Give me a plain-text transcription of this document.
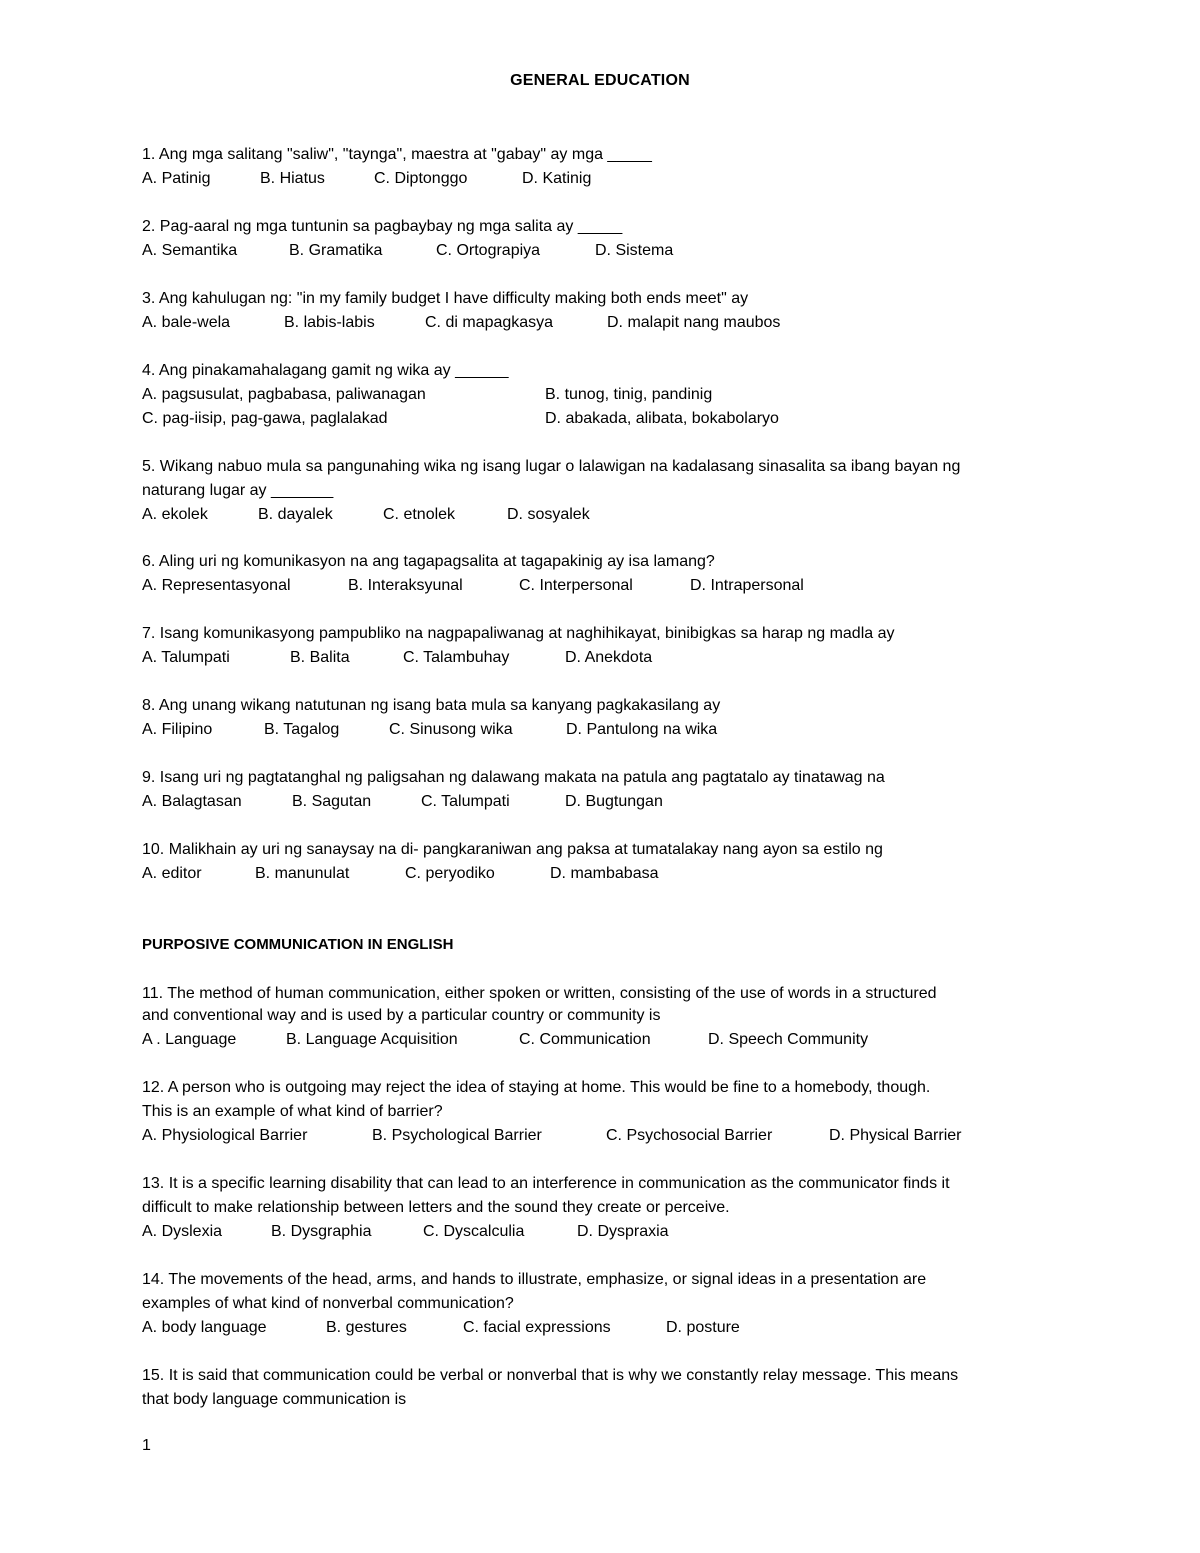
GENERAL EDUCATION
1. Ang mga salitang "saliw", "taynga", maestra at "gabay" ay mga _____
A. Patinig	B. Hiatus	C. Diptonggo	D. Katinig
2. Pag-aaral ng mga tuntunin sa pagbaybay ng mga salita ay _____
A. Semantika	B. Gramatika	C. Ortograpiya	D. Sistema
3. Ang kahulugan ng: "in my family budget I have difficulty making both ends meet" ay
A. bale-wela	B. labis-labis	C. di mapagkasya	D. malapit nang maubos
4. Ang pinakamahalagang gamit ng wika ay ______
A. pagsusulat, pagbabasa, paliwanagan	B. tunog, tinig, pandinig
C. pag-iisip, pag-gawa, paglalakad	D. abakada, alibata, bokabolaryo
5. Wikang nabuo mula sa pangunahing wika ng isang lugar o lalawigan na kadalasang sinasalita sa ibang bayan ng
naturang lugar ay _______
A. ekolek	B. dayalek	C. etnolek	D. sosyalek
6. Aling uri ng komunikasyon na ang tagapagsalita at tagapakinig ay isa lamang?
A. Representasyonal	B. Interaksyunal	C. Interpersonal	D. Intrapersonal
7. Isang komunikasyong pampubliko na nagpapaliwanag at naghihikayat, binibigkas sa harap ng madla ay
A. Talumpati	B. Balita	C. Talambuhay	D. Anekdota
8. Ang unang wikang natutunan ng isang bata mula sa kanyang pagkakasilang ay
A. Filipino	B. Tagalog	C. Sinusong wika	D. Pantulong na wika
9. Isang uri ng pagtatanghal ng paligsahan ng dalawang makata na patula ang pagtatalo ay tinatawag na
A. Balagtasan	B. Sagutan	C. Talumpati	D. Bugtungan
10. Malikhain ay uri ng sanaysay na di- pangkaraniwan ang paksa at tumatalakay nang ayon sa estilo ng
A. editor	B. manunulat	C. peryodiko	D. mambabasa
PURPOSIVE COMMUNICATION IN ENGLISH
11. The method of human communication, either spoken or written, consisting of the use of words in a structured
and conventional way and is used by a particular country or community is
A . Language	B. Language Acquisition	C. Communication	D. Speech Community
12. A person who is outgoing may reject the idea of staying at home. This would be fine to a homebody, though.
This is an example of what kind of barrier?
A. Physiological Barrier	B. Psychological Barrier	C. Psychosocial Barrier	D. Physical Barrier
13. It is a specific learning disability that can lead to an interference in communication as the communicator finds it
difficult to make relationship between letters and the sound they create or perceive.
A. Dyslexia	B. Dysgraphia	C. Dyscalculia	D. Dyspraxia
14. The movements of the head, arms, and hands to illustrate, emphasize, or signal ideas in a presentation are
examples of what kind of nonverbal communication?
A. body language	B. gestures	C. facial expressions	D. posture
15. It is said that communication could be verbal or nonverbal that is why we constantly relay message. This means
that body language communication is
1
